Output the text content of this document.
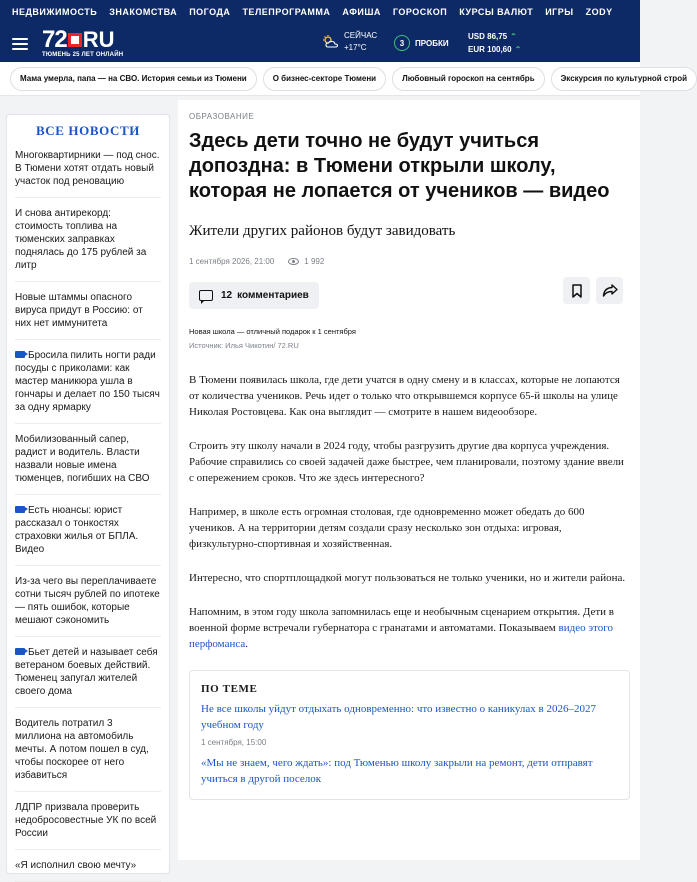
НЕДВИЖИМОСТЬ ЗНАКОМСТВА ПОГОДА ТЕЛЕПРОГРАММА АФИША ГОРОСКОП КУРСЫ ВАЛЮТ ИГРЫ ZODY
72 RU
ТЮМЕНЬ 25 ЛЕТ ОНЛАЙН
СЕЙЧАС
+17°C	3	ПРОБКИ
USD 86,75 ⌃
EUR 100,60 ⌃
Мама умерла, папа — на СВО. История семьи из Тюмени	О бизнес-секторе Тюмени	Любовный гороскоп на сентябрь	Экскурсия по культурной строй
ВСЕ НОВОСТИ
Многоквартирники — под снос. В Тюмени хотят отдать новый участок под реновацию
И снова антирекорд: стоимость топлива на тюменских заправках поднялась до 175 рублей за литр
Новые штаммы опасного вируса придут в Россию: от них нет иммунитета
Бросила пилить ногти ради посуды с приколами: как мастер маникюра ушла в гончары и делает по 150 тысяч за одну ярмарку
Мобилизованный сапер, радист и водитель. Власти назвали новые имена тюменцев, погибших на СВО
Есть нюансы: юрист рассказал о тонкостях страховки жилья от БПЛА. Видео
Из-за чего вы переплачиваете сотни тысяч рублей по ипотеке — пять ошибок, которые мешают сэкономить
Бьет детей и называет себя ветераном боевых действий. Тюменец запугал жителей своего дома
Водитель потратил 3 миллиона на автомобиль мечты. А потом пошел в суд, чтобы поскорее от него избавиться
ЛДПР призвала проверить недобросовестные УК по всей России
«Я исполнил свою мечту»
ОБРАЗОВАНИЕ
Здесь дети точно не будут учиться допоздна: в Тюмени открыли школу, которая не лопается от учеников — видео
Жители других районов будут завидовать
1 сентября 2026, 21:00	1 992
12 комментариев
Новая школа — отличный подарок к 1 сентября
Источник: Илья Чикотин/ 72.RU

В Тюмени появилась школа, где дети учатся в одну смену и в классах, которые не лопаются от количества учеников. Речь идет о только что открывшемся корпусе 65-й школы на улице Николая Ростовцева. Как она выглядит — смотрите в нашем видеообзоре.

Строить эту школу начали в 2024 году, чтобы разгрузить другие два корпуса учреждения. Рабочие справились со своей задачей даже быстрее, чем планировали, поэтому здание ввели с опережением сроков. Что же здесь интересного?

Например, в школе есть огромная столовая, где одновременно может обедать до 600 учеников. А на территории детям создали сразу несколько зон отдыха: игровая, физкультурно-спортивная и хозяйственная.

Интересно, что спортплощадкой могут пользоваться не только ученики, но и жители района.

Напомним, в этом году школа запомнилась еще и необычным сценарием открытия. Дети в военной форме встречали губернатора с гранатами и автоматами. Показываем видео этого перфоманса.

ПО ТЕМЕ
Не все школы уйдут отдыхать одновременно: что известно о каникулах в 2026–2027 учебном году
1 сентября, 15:00
«Мы не знаем, чего ждать»: под Тюменью школу закрыли на ремонт, дети отправят учиться в другой поселок
